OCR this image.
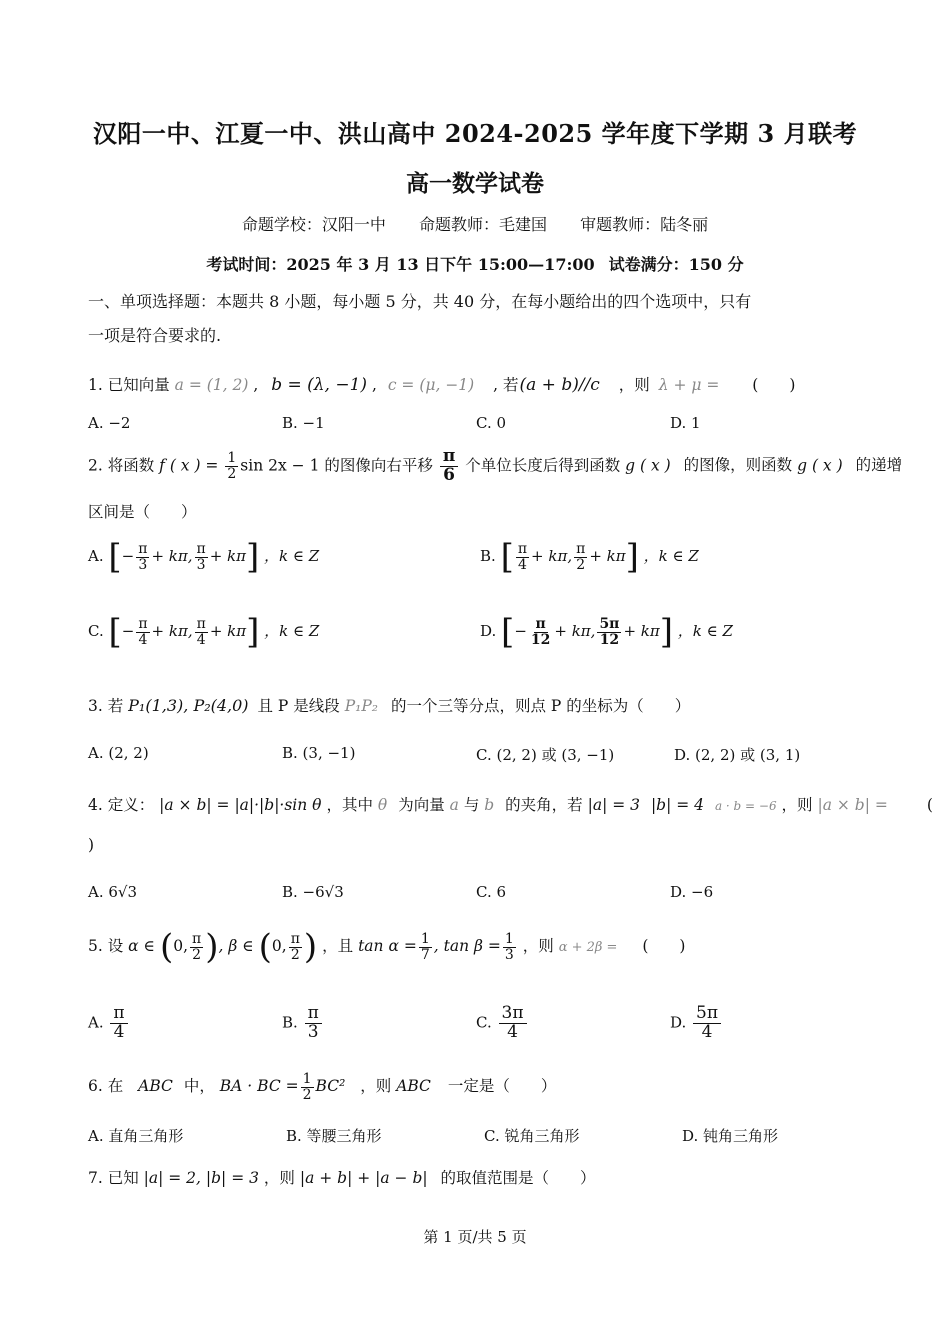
汉阳一中、江夏一中、洪山高中 2024-2025 学年度下学期 3 月联考
高一数学试卷
命题学校：汉阳一中 命题教师：毛建国 审题教师：陆冬丽
考试时间：2025 年 3 月 13 日下午 15:00—17:00 试卷满分：150 分
一、单项选择题：本题共 8 小题，每小题 5 分，共 40 分，在每小题给出的四个选项中，只有
一项是符合要求的.
1. 已知向量 a = (1, 2) , b = (λ, −1) , c = (μ, −1) , 若 (a + b)//c ，则 λ + μ = (　　)
A. −2	B. −1	C. 0	D. 1
2. 将函数 f ( x ) = $\frac{1}{2}$ sin 2x − 1 的图像向右平移 $\frac{\pi}{6}$ 个单位长度后得到函数 g ( x ) 的图像，则函数 g ( x ) 的递增
区间是（　　）
A. [− $\frac{\pi}{3} + k\pi$, $\frac{\pi}{3} + k\pi$] ，k ∈ Z	B. [ $\frac{\pi}{4} + k\pi$, $\frac{\pi}{2} + k\pi$] ，k ∈ Z
C. [− $\frac{\pi}{4} + k\pi$, $\frac{\pi}{4} + k\pi$] ，k ∈ Z	D. [− $\frac{\pi}{12} + k\pi$, $\frac{5\pi}{12} + k\pi$] ，k ∈ Z
3. 若 P₁(1,3), P₂(4,0) 且 P 是线段 P₁P₂ 的一个三等分点，则点 P 的坐标为（　　）
A. (2, 2)	B. (3, −1)	C. (2, 2) 或 (3, −1)	D. (2, 2) 或 (3, 1)
4. 定义： |a × b| = |a|·|b|·sin θ ，其中 θ 为向量 a 与 b 的夹角，若 |a| = 3 |b| = 4 a · b = −6 ，则 |a × b| =	(
)
A. 6√3	B. −6√3	C. 6	D. −6
5. 设 α ∈ (0, $\frac{\pi}{2}$ ), β ∈ (0, $\frac{\pi}{2}$ ) ，且 $\tan \alpha = \frac{1}{7}$ , $\tan \beta = \frac{1}{3}$ ，则 α + 2β = (　　)
A. $\frac{\pi}{4}$	B. $\frac{\pi}{3}$	C. $\frac{3\pi}{4}$	D. $\frac{5\pi}{4}$
6. 在 ABC 中， BA · BC = $\frac{1}{2} BC^2$ ，则 ABC 一定是（　　）
A. 直角三角形	B. 等腰三角形	C. 锐角三角形	D. 钝角三角形
7. 已知 |a| = 2, |b| = 3 ，则 |a + b| + |a − b| 的取值范围是（　　）
第 1 页/共 5 页
